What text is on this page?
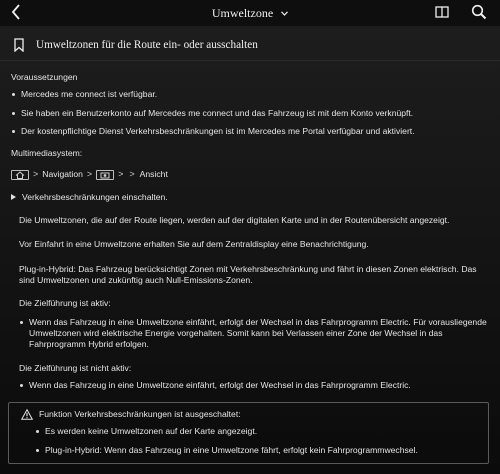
Umweltzone
Umweltzonen für die Route ein- oder ausschalten

Voraussetzungen

Mercedes me connect ist verfügbar.
Sie haben ein Benutzerkonto auf Mercedes me connect und das Fahrzeug ist mit dem Konto verknüpft.
Der kostenpflichtige Dienst Verkehrsbeschränkungen ist im Mercedes me Portal verfügbar und aktiviert.

Multimediasystem:

> Navigation >	> > Ansicht
Verkehrsbeschränkungen einschalten.

Die Umweltzonen, die auf der Route liegen, werden auf der digitalen Karte und in der Routenübersicht angezeigt.

Vor Einfahrt in eine Umweltzone erhalten Sie auf dem Zentraldisplay eine Benachrichtigung.

Plug-in-Hybrid: Das Fahrzeug berücksichtigt Zonen mit Verkehrsbeschränkung und fährt in diesen Zonen elektrisch. Das sind Umweltzonen und zukünftig auch Null-Emissions-Zonen.

Die Zielführung ist aktiv:

Wenn das Fahrzeug in eine Umweltzone einfährt, erfolgt der Wechsel in das Fahrprogramm Electric. Für vorausliegende Umweltzonen wird elektrische Energie vorgehalten. Somit kann bei Verlassen einer Zone der Wechsel in das Fahrprogramm Hybrid erfolgen.

Die Zielführung ist nicht aktiv:

Wenn das Fahrzeug in eine Umweltzone einfährt, erfolgt der Wechsel in das Fahrprogramm Electric.
Funktion Verkehrsbeschränkungen ist ausgeschaltet:
Es werden keine Umweltzonen auf der Karte angezeigt.
Plug-in-Hybrid: Wenn das Fahrzeug in eine Umweltzone fährt, erfolgt kein Fahrprogrammwechsel.
